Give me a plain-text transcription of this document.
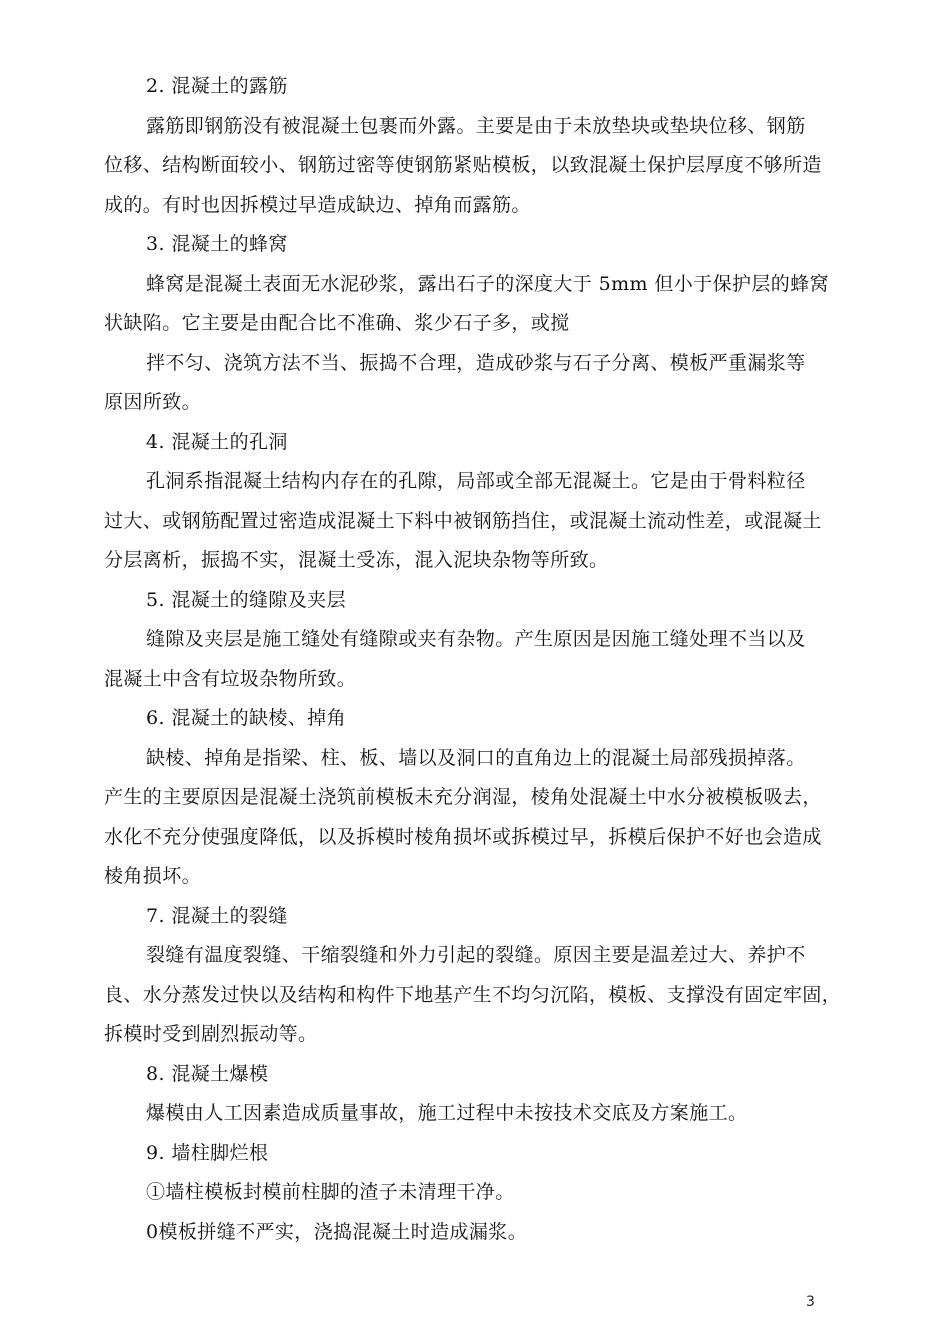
2. 混凝土的露筋
露筋即钢筋没有被混凝土包裹而外露。主要是由于未放垫块或垫块位移、钢筋
位移、结构断面较小、钢筋过密等使钢筋紧贴模板，以致混凝土保护层厚度不够所造
成的。有时也因拆模过早造成缺边、掉角而露筋。
3. 混凝土的蜂窝
蜂窝是混凝土表面无水泥砂浆，露出石子的深度大于 5mm 但小于保护层的蜂窝
状缺陷。它主要是由配合比不准确、浆少石子多，或搅
拌不匀、浇筑方法不当、振捣不合理，造成砂浆与石子分离、模板严重漏浆等
原因所致。
4. 混凝土的孔洞
孔洞系指混凝土结构内存在的孔隙，局部或全部无混凝土。它是由于骨料粒径
过大、或钢筋配置过密造成混凝土下料中被钢筋挡住，或混凝土流动性差，或混凝土
分层离析，振捣不实，混凝土受冻，混入泥块杂物等所致。
5. 混凝土的缝隙及夹层
缝隙及夹层是施工缝处有缝隙或夹有杂物。产生原因是因施工缝处理不当以及
混凝土中含有垃圾杂物所致。
6. 混凝土的缺棱、掉角
缺棱、掉角是指梁、柱、板、墙以及洞口的直角边上的混凝土局部残损掉落。
产生的主要原因是混凝土浇筑前模板未充分润湿，棱角处混凝土中水分被模板吸去，
水化不充分使强度降低，以及拆模时棱角损坏或拆模过早，拆模后保护不好也会造成
棱角损坏。
7. 混凝土的裂缝
裂缝有温度裂缝、干缩裂缝和外力引起的裂缝。原因主要是温差过大、养护不
良、水分蒸发过快以及结构和构件下地基产生不均匀沉陷，模板、支撑没有固定牢固，
拆模时受到剧烈振动等。
8. 混凝土爆模
爆模由人工因素造成质量事故，施工过程中未按技术交底及方案施工。
9. 墙柱脚烂根
①墙柱模板封模前柱脚的渣子未清理干净。
0模板拼缝不严实，浇捣混凝土时造成漏浆。
3
